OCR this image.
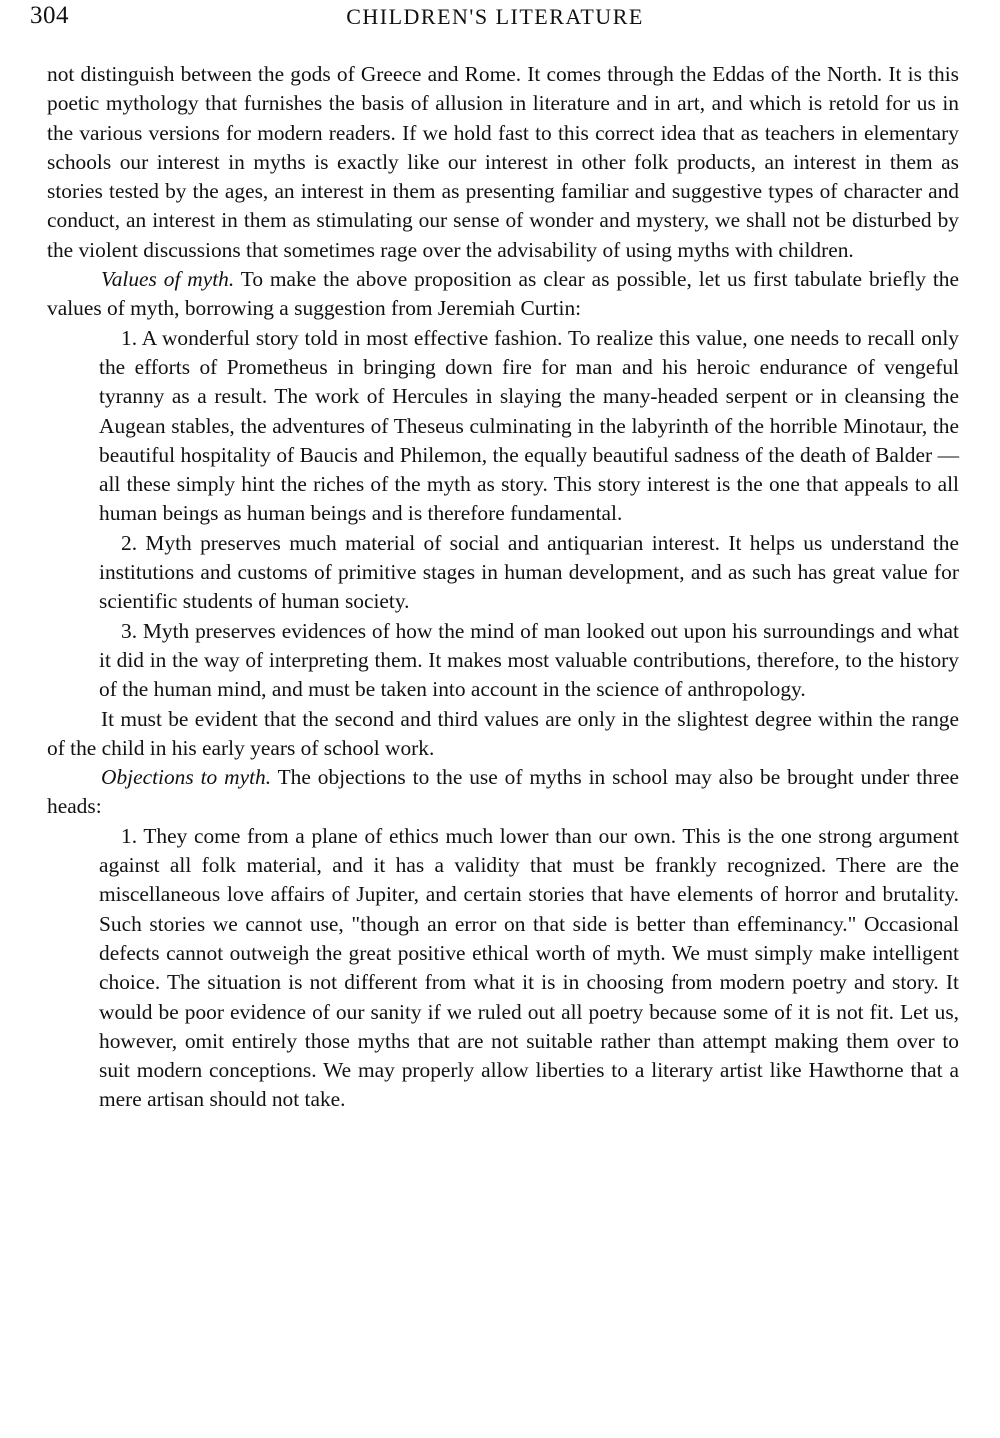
304	CHILDREN'S LITERATURE

not distinguish between the gods of Greece and Rome. It comes through the Eddas of the North. It is this poetic mythology that furnishes the basis of allusion in literature and in art, and which is retold for us in the various versions for modern readers. If we hold fast to this correct idea that as teachers in elementary schools our interest in myths is exactly like our interest in other folk products, an interest in them as stories tested by the ages, an interest in them as presenting familiar and suggestive types of character and conduct, an interest in them as stimulating our sense of wonder and mystery, we shall not be disturbed by the violent discussions that sometimes rage over the advisability of using myths with children.

Values of myth. To make the above proposition as clear as possible, let us first tabulate briefly the values of myth, borrowing a suggestion from Jeremiah Curtin:

1. A wonderful story told in most effective fashion. To realize this value, one needs to recall only the efforts of Prometheus in bringing down fire for man and his heroic endurance of vengeful tyranny as a result. The work of Hercules in slaying the many-headed serpent or in cleansing the Augean stables, the adventures of Theseus culminating in the labyrinth of the horrible Minotaur, the beautiful hospitality of Baucis and Philemon, the equally beautiful sadness of the death of Balder — all these simply hint the riches of the myth as story. This story interest is the one that appeals to all human beings as human beings and is therefore fundamental.

2. Myth preserves much material of social and antiquarian interest. It helps us understand the institutions and customs of primitive stages in human development, and as such has great value for scientific students of human society.

3. Myth preserves evidences of how the mind of man looked out upon his surroundings and what it did in the way of interpreting them. It makes most valuable contributions, therefore, to the history of the human mind, and must be taken into account in the science of anthropology.

It must be evident that the second and third values are only in the slightest degree within the range of the child in his early years of school work.

Objections to myth. The objections to the use of myths in school may also be brought under three heads:

1. They come from a plane of ethics much lower than our own. This is the one strong argument against all folk material, and it has a validity that must be frankly recognized. There are the miscellaneous love affairs of Jupiter, and certain stories that have elements of horror and brutality. Such stories we cannot use, "though an error on that side is better than effeminancy." Occasional defects cannot outweigh the great positive ethical worth of myth. We must simply make intelligent choice. The situation is not different from what it is in choosing from modern poetry and story. It would be poor evidence of our sanity if we ruled out all poetry because some of it is not fit. Let us, however, omit entirely those myths that are not suitable rather than attempt making them over to suit modern conceptions. We may properly allow liberties to a literary artist like Hawthorne that a mere artisan should not take.
